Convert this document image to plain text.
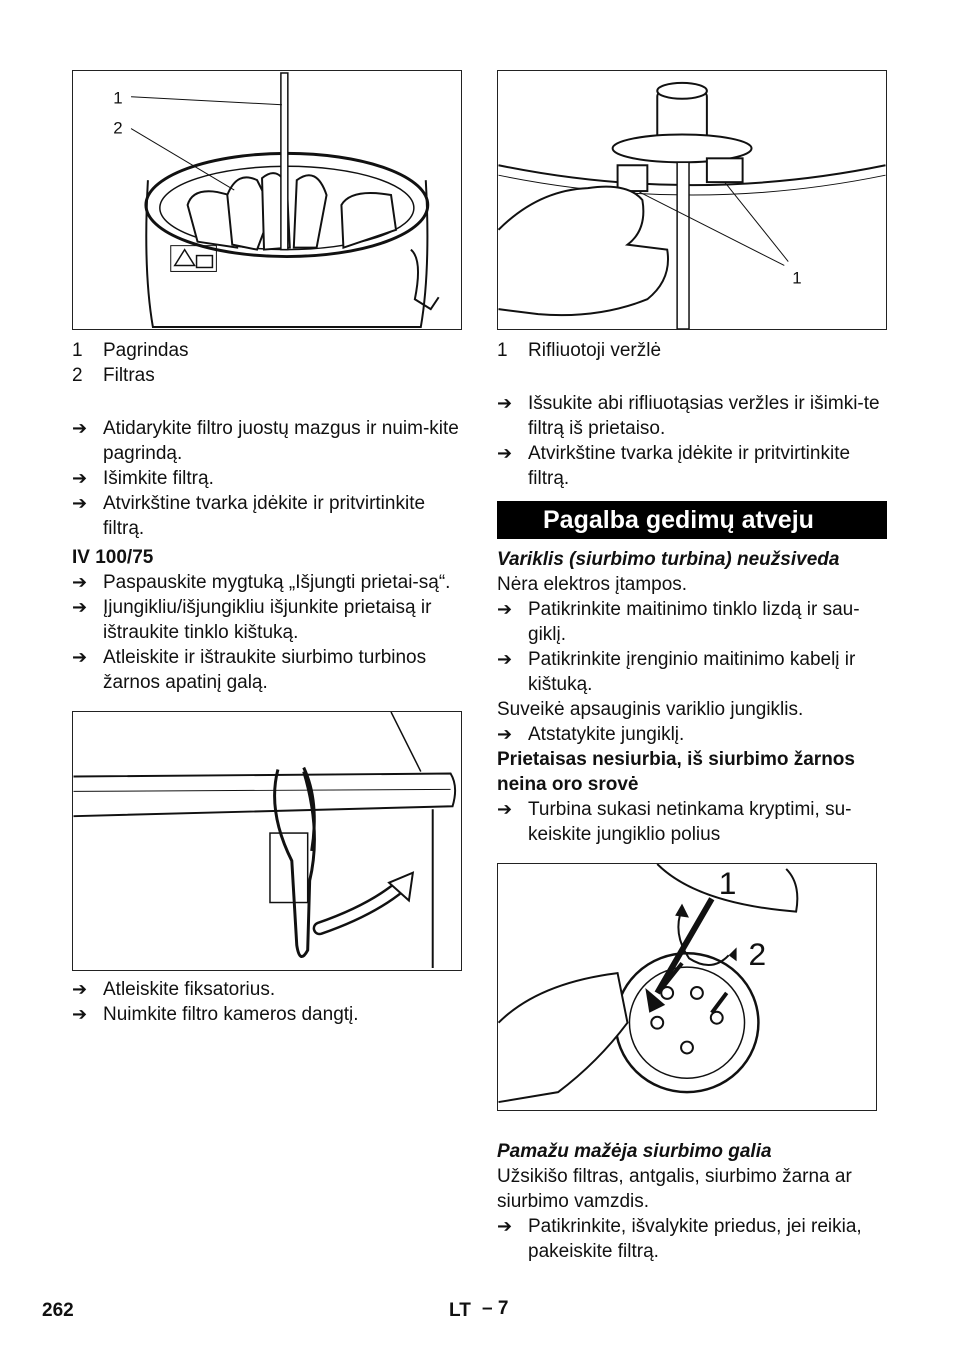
1
2
1	Pagrindas
2	Filtras
➔ Atidarykite filtro juostų mazgus ir nuim-kite pagrindą.
➔ Išimkite filtrą.
➔ Atvirkštine tvarka įdėkite ir pritvirtinkite filtrą.
IV 100/75
➔ Paspauskite mygtuką „Išjungti prietai-są“.
➔ Įjungikliu/išjungikliu išjunkite prietaisą ir ištraukite tinklo kištuką.
➔ Atleiskite ir ištraukite siurbimo turbinos žarnos apatinį galą.
➔ Atleiskite fiksatorius.
➔ Nuimkite filtro kameros dangtį.
1
1	Rifliuotoji veržlė
➔ Išsukite abi rifliuotąsias veržles ir išimki-te filtrą iš prietaiso.
➔ Atvirkštine tvarka įdėkite ir pritvirtinkite filtrą.
Pagalba gedimų atveju
Variklis (siurbimo turbina) neužsiveda
Nėra elektros įtampos.
➔ Patikrinkite maitinimo tinklo lizdą ir sau-giklį.
➔ Patikrinkite įrenginio maitinimo kabelį ir kištuką.
Suveikė apsauginis variklio jungiklis.
➔ Atstatykite jungiklį.
Prietaisas nesiurbia, iš siurbimo žarnos neina oro srovė
➔ Turbina sukasi netinkama kryptimi, su-keiskite jungiklio polius
1
2
Pamažu mažėja siurbimo galia
Užsikišo filtras, antgalis, siurbimo žarna ar siurbimo vamzdis.
➔ Patikrinkite, išvalykite priedus, jei reikia, pakeiskite filtrą.
262	LT – 7
